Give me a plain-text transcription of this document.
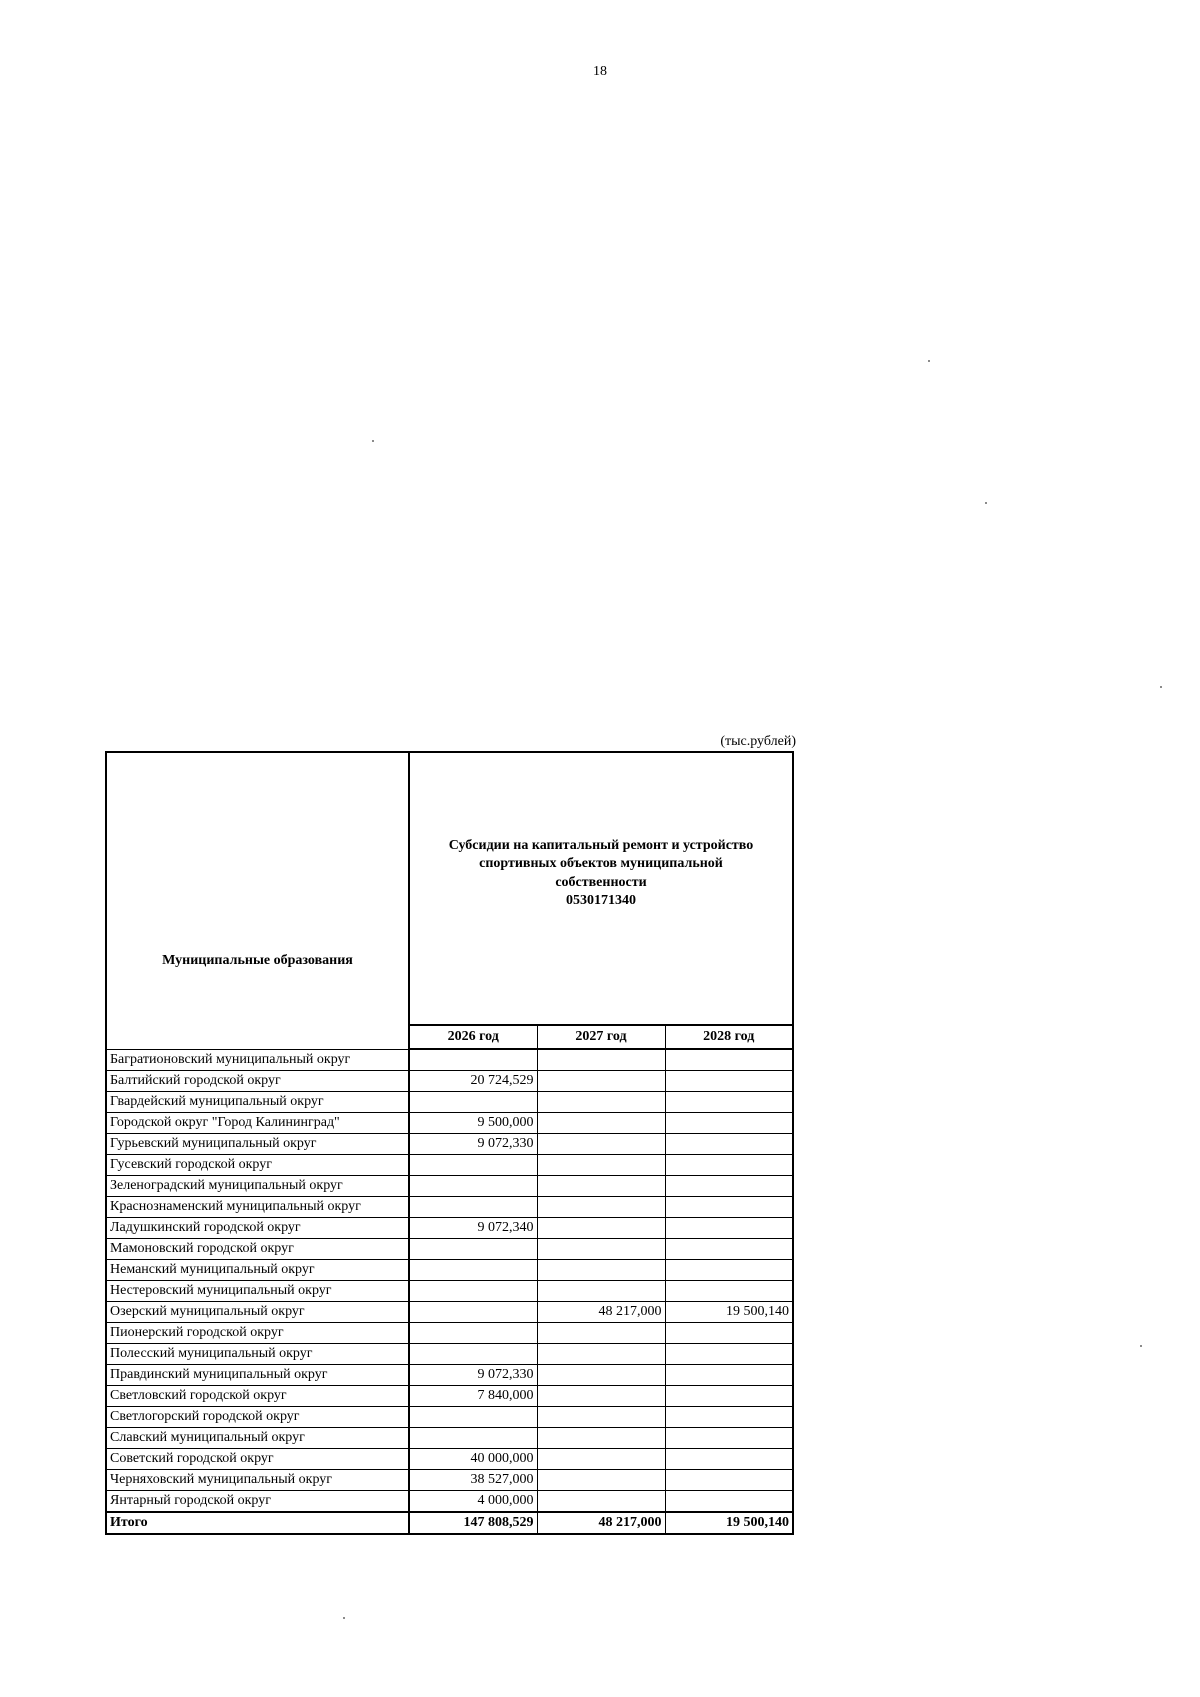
18
(тыс.рублей)
Муниципальные образования	Субсидии на капитальный ремонт и устройство
спортивных объектов муниципальной
собственности
0530171340		
	2026 год	2027 год	2028 год
Багратионовский муниципальный округ			
Балтийский городской округ	20 724,529		
Гвардейский муниципальный округ			
Городской округ "Город Калининград"	9 500,000		
Гурьевский муниципальный округ	9 072,330		
Гусевский городской округ			
Зеленоградский муниципальный округ			
Краснознаменский муниципальный округ			
Ладушкинский городской округ	9 072,340		
Мамоновский городской округ			
Неманский муниципальный округ			
Нестеровский муниципальный округ			
Озерский муниципальный округ		48 217,000	19 500,140
Пионерский городской округ			
Полесский муниципальный округ			
Правдинский муниципальный округ	9 072,330		
Светловский городской округ	7 840,000		
Светлогорский городской округ			
Славский муниципальный округ			
Советский городской округ	40 000,000		
Черняховский муниципальный округ	38 527,000		
Янтарный городской округ	4 000,000		
Итого	147 808,529	48 217,000	19 500,140
